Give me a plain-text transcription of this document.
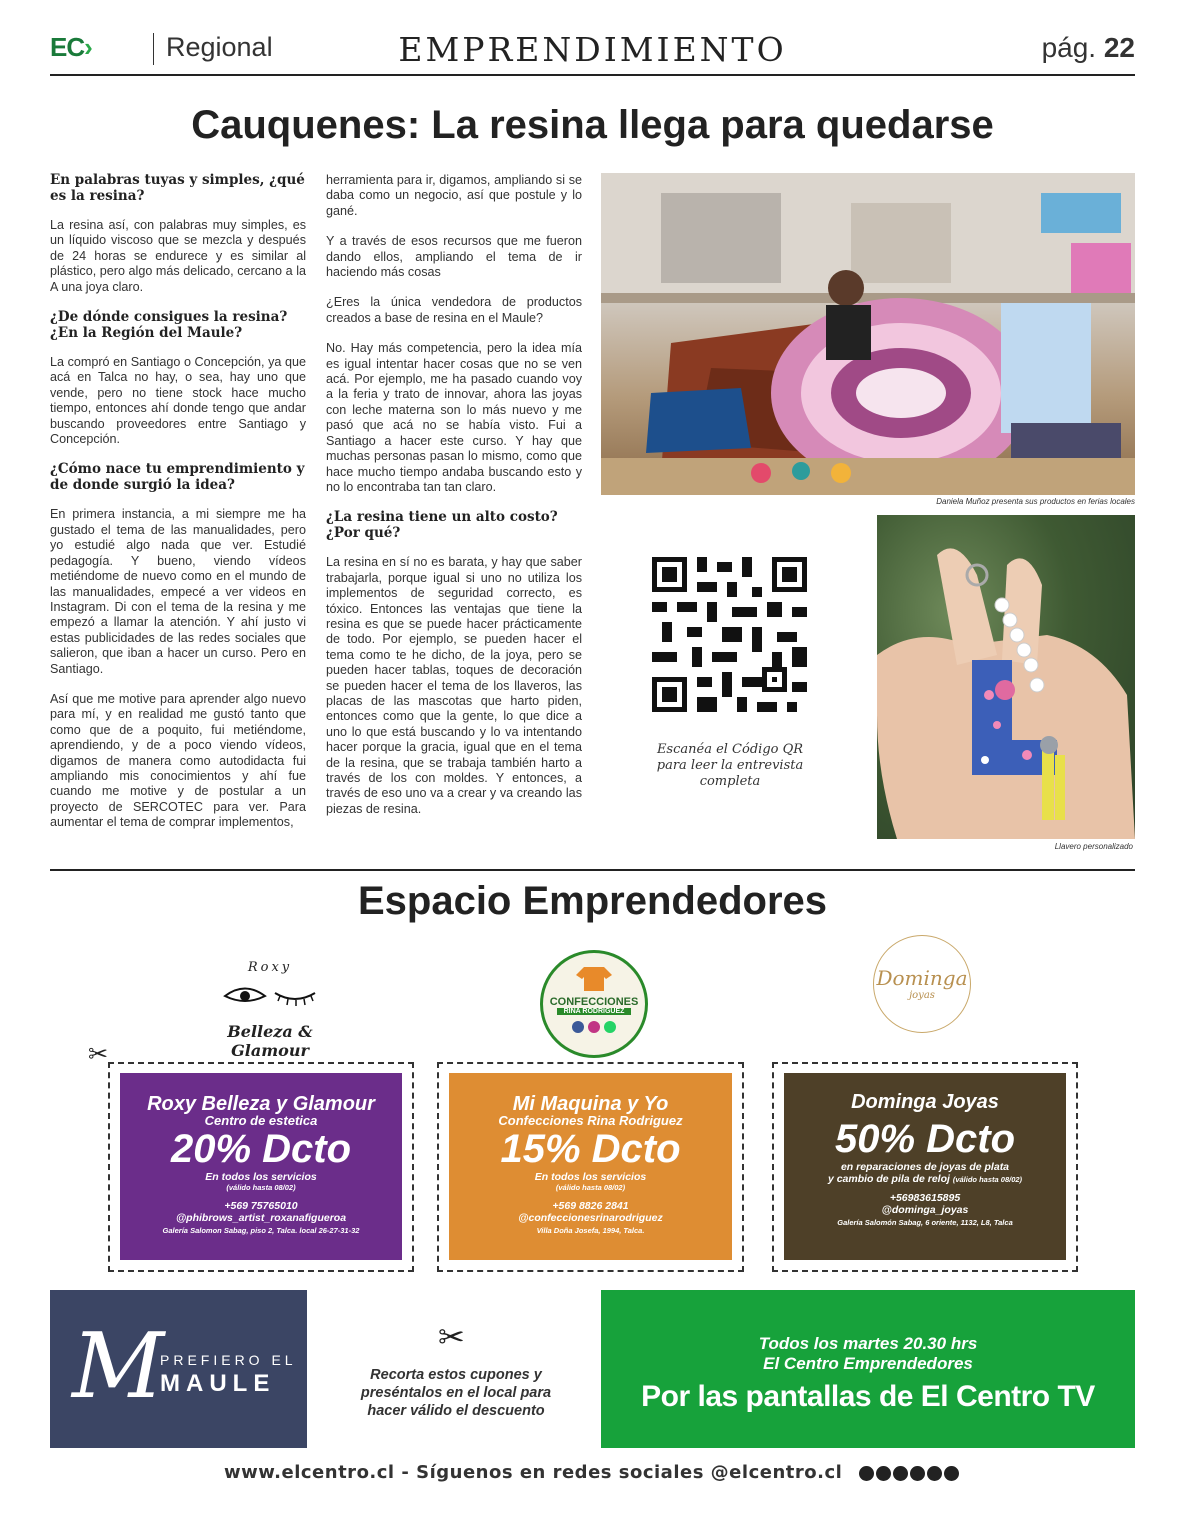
EC›	Regional	EMPRENDIMIENTO	pág. 22
Cauquenes: La resina llega para quedarse
En palabras tuyas y simples, ¿qué es la resina?

La resina así, con palabras muy simples, es un líquido viscoso que se mezcla y después de 24 horas se endurece y es similar al plástico, pero algo más delicado, cercano a la A una joya claro.

¿De dónde consigues la resina? ¿En la Región del Maule?

La compró en Santiago o Concepción, ya que acá en Talca no hay, o sea, hay uno que vende, pero no tiene stock hace mucho tiempo, entonces ahí donde tengo que andar buscando proveedores entre Santiago y Concepción.

¿Cómo nace tu emprendimiento y de donde surgió la idea?

En primera instancia, a mi siempre me ha gustado el tema de las manualidades, pero yo estudié algo nada que ver. Estudié pedagogía. Y bueno, viendo vídeos metiéndome de nuevo como en el mundo de las manualidades, empecé a ver videos en Instagram. Di con el tema de la resina y me empezó a llamar la atención. Y ahí justo vi estas publicidades de las redes sociales que salieron, que iban a hacer un curso. Pero en Santiago.

Así que me motive para aprender algo nuevo para mí, y en realidad me gustó tanto que como que de a poquito, fui metiéndome, aprendiendo, y de a poco viendo vídeos, digamos de manera como autodidacta fui ampliando mis conocimientos y ahí fue cuando me motive y de postular a un proyecto de SERCOTEC para ver. Para aumentar el tema de comprar implementos,

herramienta para ir, digamos, ampliando si se daba como un negocio, así que postule y lo gané.

Y a través de esos recursos que me fueron dando ellos, ampliando el tema de ir haciendo más cosas

¿Eres la única vendedora de productos creados a base de resina en el Maule?

No. Hay más competencia, pero la idea mía es igual intentar hacer cosas que no se ven acá. Por ejemplo, me ha pasado cuando voy a la feria y trato de innovar, ahora las joyas con leche materna son lo más nuevo y me pasó que acá no se había visto. Fui a Santiago a hacer este curso. Y hay que muchas personas pasan lo mismo, como que hace mucho tiempo andaba buscando esto y no lo encontraba tan tan claro.

¿La resina tiene un alto costo? ¿Por qué?

La resina en sí no es barata, y hay que saber trabajarla, porque igual si uno no utiliza los implementos de seguridad correcto, es tóxico. Entonces las ventajas que tiene la resina es que se puede hacer prácticamente de todo. Por ejemplo, se pueden hacer el tema como te he dicho, de la joya, pero se pueden hacer tablas, toques de decoración se pueden hacer el tema de los llaveros, las placas de las mascotas que harto piden, entonces como que la gente, lo que dice a uno lo que está buscando y lo va intentando hacer porque la gracia, igual que en el tema de la resina, que se trabaja también harto a través de los con moldes. Y entonces, a través de eso uno va a crear y va creando las piezas de resina.

Daniela Muñoz presenta sus productos en ferias locales
Escanéa el Código QR para leer la entrevista completa
Llavero personalizado
Espacio Emprendedores
Roxy
Belleza & Glamour
CONFECCIONES
RINA RODRIGUEZ

Dominga
joyas
✂
Roxy Belleza y Glamour
Centro de estetica
20% Dcto
En todos los servicios
(válido hasta 08/02)
+569 75765010
@phibrows_artist_roxanafigueroa
Galería Salomon Sabag, piso 2, Talca. local 26-27-31-32
Mi Maquina y Yo
Confecciones Rina Rodriguez
15% Dcto
En todos los servicios
(válido hasta 08/02)
+569 8826 2841
@confeccionesrinarodriguez
Villa Doña Josefa, 1994, Talca.
Dominga Joyas
50% Dcto
en reparaciones de joyas de plata
y cambio de pila de reloj (válido hasta 08/02)
+56983615895
@dominga_joyas
Galería Salomón Sabag, 6 oriente, 1132, L8, Talca
M
PREFIERO EL
MAULE
✂
Recorta estos cupones y preséntalos en el local para hacer válido el descuento
Todos los martes 20.30 hrs
El Centro Emprendedores
Por las pantallas de El Centro TV
www.elcentro.cl - Síguenos en redes sociales @elcentro.cl
